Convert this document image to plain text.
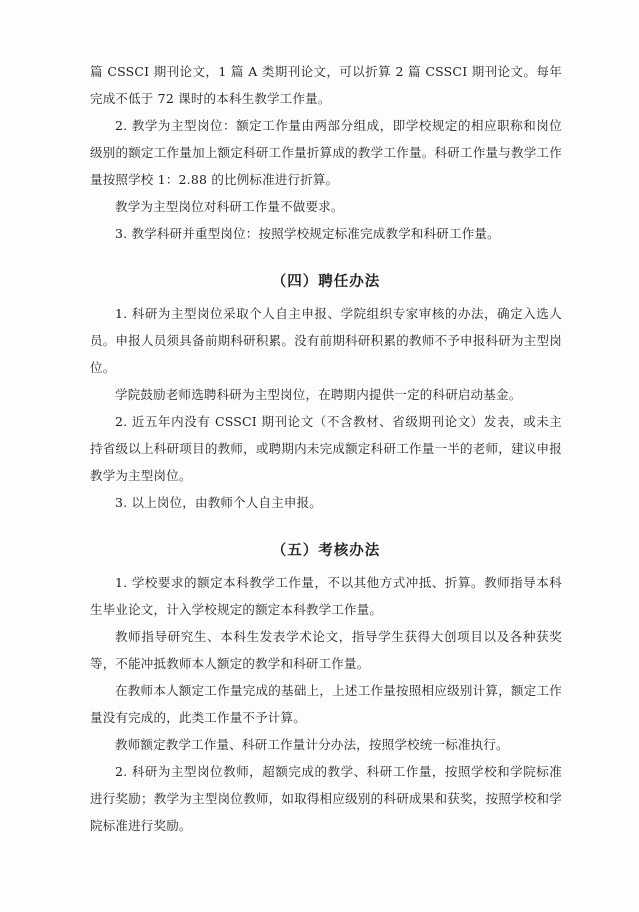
篇 CSSCI 期刊论文，1 篇 A 类期刊论文，可以折算 2 篇 CSSCI 期刊论文。每年完成不低于 72 课时的本科生教学工作量。

2. 教学为主型岗位：额定工作量由两部分组成，即学校规定的相应职称和岗位级别的额定工作量加上额定科研工作量折算成的教学工作量。科研工作量与教学工作量按照学校 1：2.88 的比例标准进行折算。

教学为主型岗位对科研工作量不做要求。

3. 教学科研并重型岗位：按照学校规定标准完成教学和科研工作量。

（四）聘任办法

1. 科研为主型岗位采取个人自主申报、学院组织专家审核的办法，确定入选人员。申报人员须具备前期科研积累。没有前期科研积累的教师不予申报科研为主型岗位。

学院鼓励老师选聘科研为主型岗位，在聘期内提供一定的科研启动基金。

2. 近五年内没有 CSSCI 期刊论文（不含教材、省级期刊论文）发表，或未主持省级以上科研项目的教师，或聘期内未完成额定科研工作量一半的老师，建议申报教学为主型岗位。

3. 以上岗位，由教师个人自主申报。

（五）考核办法

1. 学校要求的额定本科教学工作量，不以其他方式冲抵、折算。教师指导本科生毕业论文，计入学校规定的额定本科教学工作量。

教师指导研究生、本科生发表学术论文，指导学生获得大创项目以及各种获奖等，不能冲抵教师本人额定的教学和科研工作量。

在教师本人额定工作量完成的基础上，上述工作量按照相应级别计算，额定工作量没有完成的，此类工作量不予计算。

教师额定教学工作量、科研工作量计分办法，按照学校统一标准执行。

2. 科研为主型岗位教师，超额完成的教学、科研工作量，按照学校和学院标准进行奖励；教学为主型岗位教师，如取得相应级别的科研成果和获奖，按照学校和学院标准进行奖励。
